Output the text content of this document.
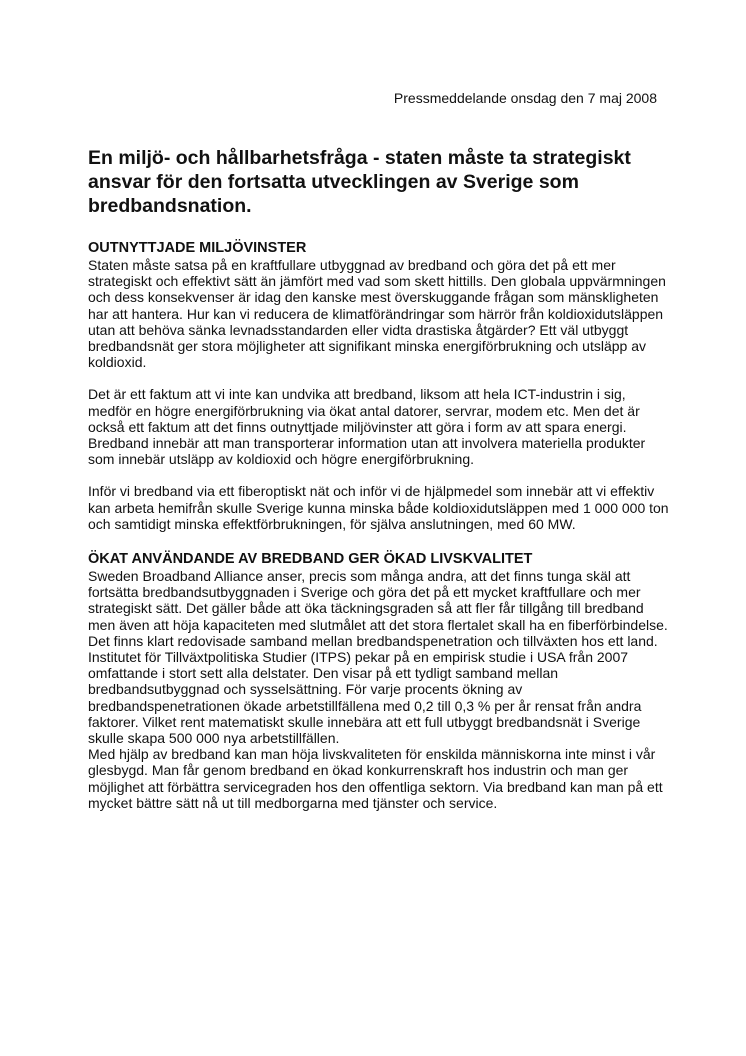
Pressmeddelande onsdag den 7 maj 2008
En miljö- och hållbarhetsfråga - staten måste ta strategiskt ansvar för den fortsatta utvecklingen av Sverige som bredbandsnation.
OUTNYTTJADE MILJÖVINSTER

Staten måste satsa på en kraftfullare utbyggnad av bredband och göra det på ett mer strategiskt och effektivt sätt än jämfört med vad som skett hittills. Den globala uppvärmningen och dess konsekvenser är idag den kanske mest överskuggande frågan som mänskligheten har att hantera. Hur kan vi reducera de klimatförändringar som härrör från koldioxidutsläppen utan att behöva sänka levnadsstandarden eller vidta drastiska åtgärder? Ett väl utbyggt bredbandsnät ger stora möjligheter att signifikant minska energiförbrukning och utsläpp av koldioxid.

Det är ett faktum att vi inte kan undvika att bredband, liksom att hela ICT-industrin i sig, medför en högre energiförbrukning via ökat antal datorer, servrar, modem etc. Men det är också ett faktum att det finns outnyttjade miljövinster att göra i form av att spara energi. Bredband innebär att man transporterar information utan att involvera materiella produkter som innebär utsläpp av koldioxid och högre energiförbrukning.

Inför vi bredband via ett fiberoptiskt nät och inför vi de hjälpmedel som innebär att vi effektiv kan arbeta hemifrån skulle Sverige kunna minska både koldioxidutsläppen med 1 000 000 ton och samtidigt minska effektförbrukningen, för själva anslutningen, med 60 MW.

ÖKAT ANVÄNDANDE AV BREDBAND GER ÖKAD LIVSKVALITET

Sweden Broadband Alliance anser, precis som många andra, att det finns tunga skäl att fortsätta bredbandsutbyggnaden i Sverige och göra det på ett mycket kraftfullare och mer strategiskt sätt. Det gäller både att öka täckningsgraden så att fler får tillgång till bredband men även att höja kapaciteten med slutmålet att det stora flertalet skall ha en fiberförbindelse. Det finns klart redovisade samband mellan bredbandspenetration och tillväxten hos ett land. Institutet för Tillväxtpolitiska Studier (ITPS) pekar på en empirisk studie i USA från 2007 omfattande i stort sett alla delstater. Den visar på ett tydligt samband mellan bredbandsutbyggnad och sysselsättning. För varje procents ökning av bredbandspenetrationen ökade arbetstillfällena med 0,2 till 0,3 % per år rensat från andra faktorer. Vilket rent matematiskt skulle innebära att ett full utbyggt bredbandsnät i Sverige skulle skapa 500 000 nya arbetstillfällen.

Med hjälp av bredband kan man höja livskvaliteten för enskilda människorna inte minst i vår glesbygd. Man får genom bredband en ökad konkurrenskraft hos industrin och man ger möjlighet att förbättra servicegraden hos den offentliga sektorn. Via bredband kan man på ett mycket bättre sätt nå ut till medborgarna med tjänster och service.
